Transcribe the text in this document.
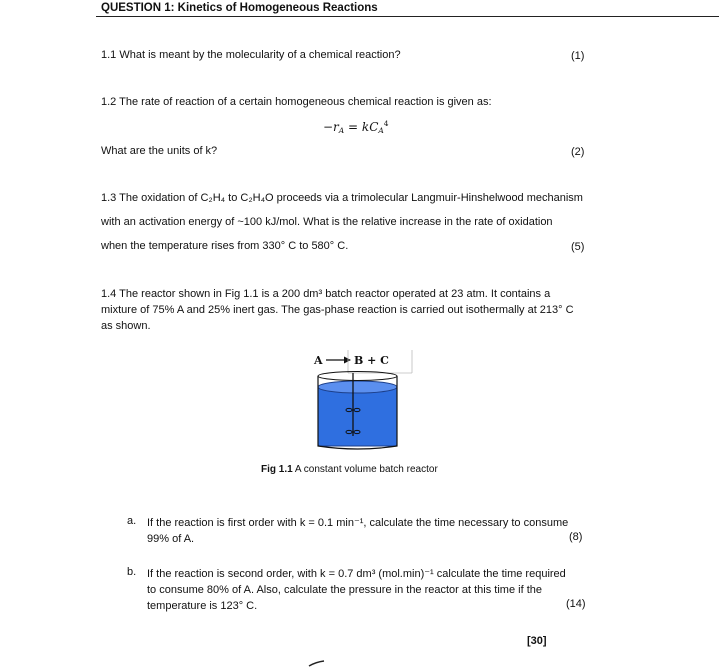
QUESTION 1: Kinetics of Homogeneous Reactions
1.1 What is meant by the molecularity of a chemical reaction?	(1)
1.2 The rate of reaction of a certain homogeneous chemical reaction is given as:
$-r_A = kC_A^4$
What are the units of k?	(2)
1.3 The oxidation of C₂H₄ to C₂H₄O proceeds via a trimolecular Langmuir-Hinshelwood mechanism
with an activation energy of ~100 kJ/mol. What is the relative increase in the rate of oxidation
when the temperature rises from 330° C to 580° C.	(5)
1.4 The reactor shown in Fig 1.1 is a 200 dm³ batch reactor operated at 23 atm. It contains a
mixture of 75% A and 25% inert gas. The gas-phase reaction is carried out isothermally at 213° C
as shown.
A	B + C
Fig 1.1 A constant volume batch reactor
a. If the reaction is first order with k = 0.1 min⁻¹, calculate the time necessary to consume
99% of A.	(8)
b. If the reaction is second order, with k = 0.7 dm³ (mol.min)⁻¹ calculate the time required
to consume 80% of A. Also, calculate the pressure in the reactor at this time if the
temperature is 123° C.	(14)
[30]
